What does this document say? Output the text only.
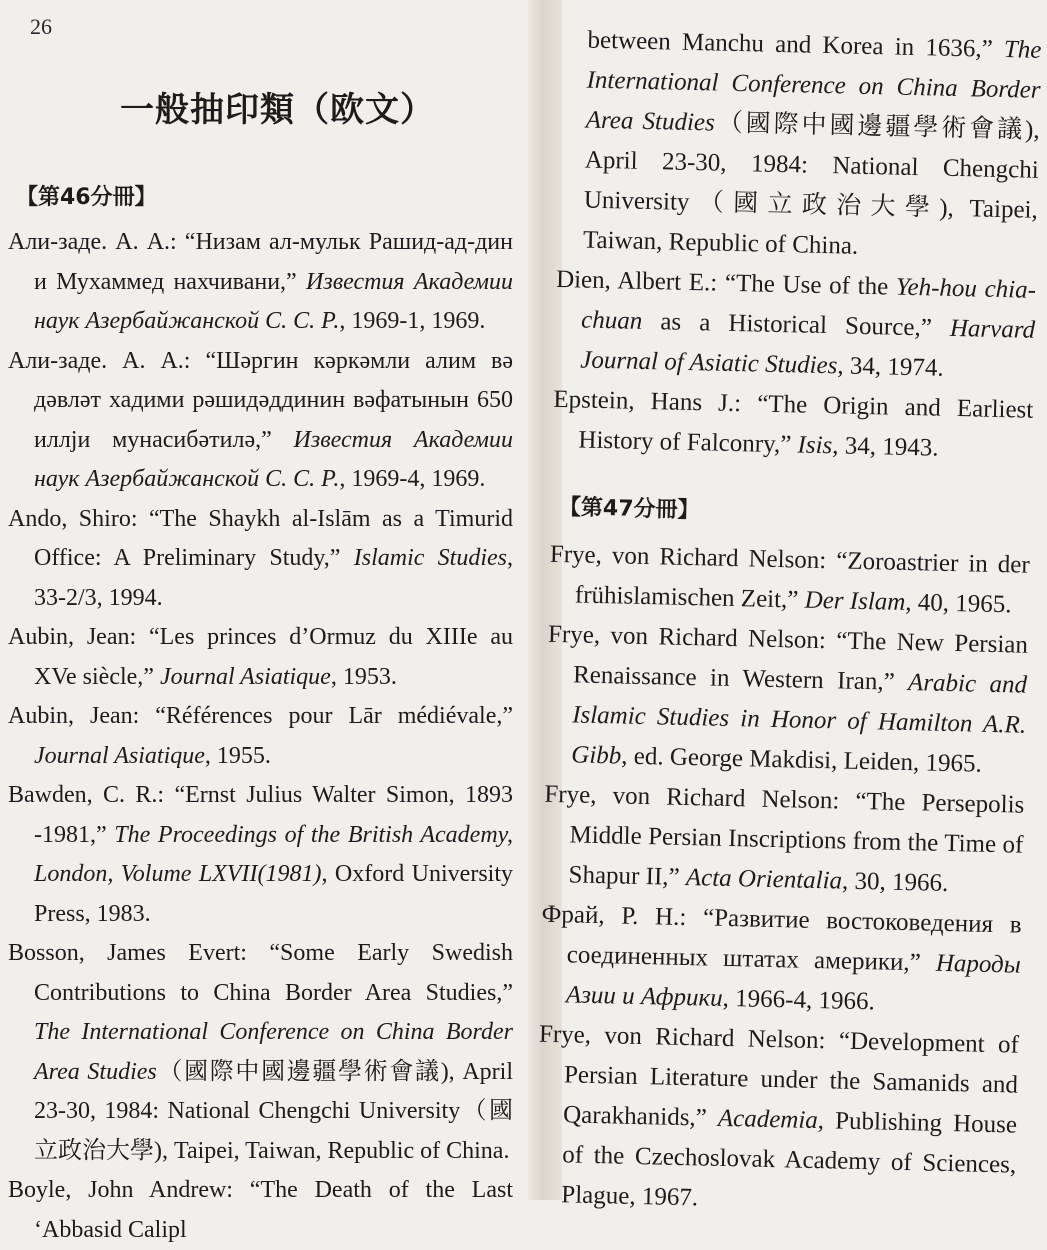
26
一般抽印類（欧文）
【第46分冊】

Али-заде. А. А.: “Низам ал-мульк Рашид-ад-дин и Мухаммед нахчивани,” Известия Академии наук Азербайжанской С. С. Р., 1969-1, 1969.

Али-заде. А. А.: “Шәргин кәркәмли алим вә дәвләт хадими рәшидәддинин вәфатынын 650 иллји мунасибәтилә,” Известия Академии наук Азербайжанской С. С. Р., 1969-4, 1969.

Ando, Shiro: “The Shaykh al-Islām as a Timurid Office: A Preliminary Study,” Islamic Studies, 33-2/3, 1994.

Aubin, Jean: “Les princes d’Ormuz du XIIIe au XVe siècle,” Journal Asiatique, 1953.

Aubin, Jean: “Références pour Lār médiévale,” Journal Asiatique, 1955.

Bawden, C. R.: “Ernst Julius Walter Simon, 1893 -1981,” The Proceedings of the British Academy, London, Volume LXVII(1981), Oxford University Press, 1983.

Bosson, James Evert: “Some Early Swedish Contributions to China Border Area Studies,” The International Conference on China Border Area Studies（國際中國邊疆學術會議), April 23-30, 1984: National Chengchi University（國立政治大學), Taipei, Taiwan, Republic of China.

Boyle, John Andrew: “The Death of the Last ‘Abbasid Calipl

between Manchu and Korea in 1636,” The International Conference on China Border Area Studies（國際中國邊疆學術會議), April 23-30, 1984: National Chengchi University（國立政治大學), Taipei, Taiwan, Republic of China.

Dien, Albert E.: “The Use of the Yeh-hou chia-chuan as a Historical Source,” Harvard Journal of Asiatic Studies, 34, 1974.

Epstein, Hans J.: “The Origin and Earliest History of Falconry,” Isis, 34, 1943.

【第47分冊】

Frye, von Richard Nelson: “Zoroastrier in der frühislamischen Zeit,” Der Islam, 40, 1965.

Frye, von Richard Nelson: “The New Persian Renaissance in Western Iran,” Arabic and Islamic Studies in Honor of Hamilton A.R. Gibb, ed. George Makdisi, Leiden, 1965.

Frye, von Richard Nelson: “The Persepolis Middle Persian Inscriptions from the Time of Shapur II,” Acta Orientalia, 30, 1966.

Фрай, Р. Н.: “Развитие востоковедения в соединенных штатах америки,” Народы Азии и Африки, 1966-4, 1966.

Frye, von Richard Nelson: “Development of Persian Literature under the Samanids and Qarakhanids,” Academia, Publishing House of the Czechoslovak Academy of Sciences, Plague, 1967.
